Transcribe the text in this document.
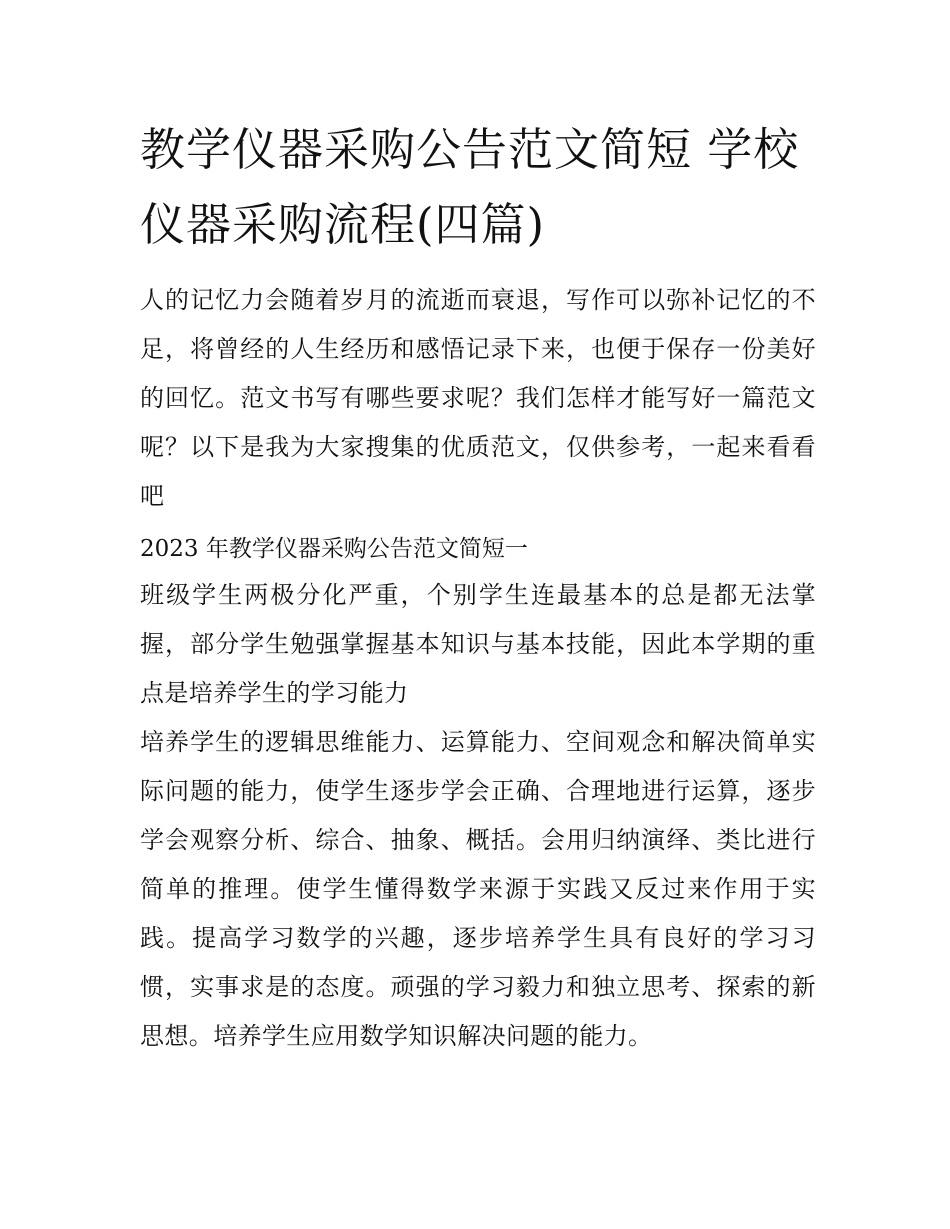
教学仪器采购公告范文简短 学校仪器采购流程(四篇)

人的记忆力会随着岁月的流逝而衰退，写作可以弥补记忆的不足，将曾经的人生经历和感悟记录下来，也便于保存一份美好的回忆。范文书写有哪些要求呢？我们怎样才能写好一篇范文呢？以下是我为大家搜集的优质范文，仅供参考，一起来看看吧

2023 年教学仪器采购公告范文简短一

班级学生两极分化严重，个别学生连最基本的总是都无法掌握，部分学生勉强掌握基本知识与基本技能，因此本学期的重点是培养学生的学习能力

培养学生的逻辑思维能力、运算能力、空间观念和解决简单实际问题的能力，使学生逐步学会正确、合理地进行运算，逐步学会观察分析、综合、抽象、概括。会用归纳演绎、类比进行简单的推理。使学生懂得数学来源于实践又反过来作用于实践。提高学习数学的兴趣，逐步培养学生具有良好的学习习惯，实事求是的态度。顽强的学习毅力和独立思考、探索的新思想。培养学生应用数学知识解决问题的能力。
